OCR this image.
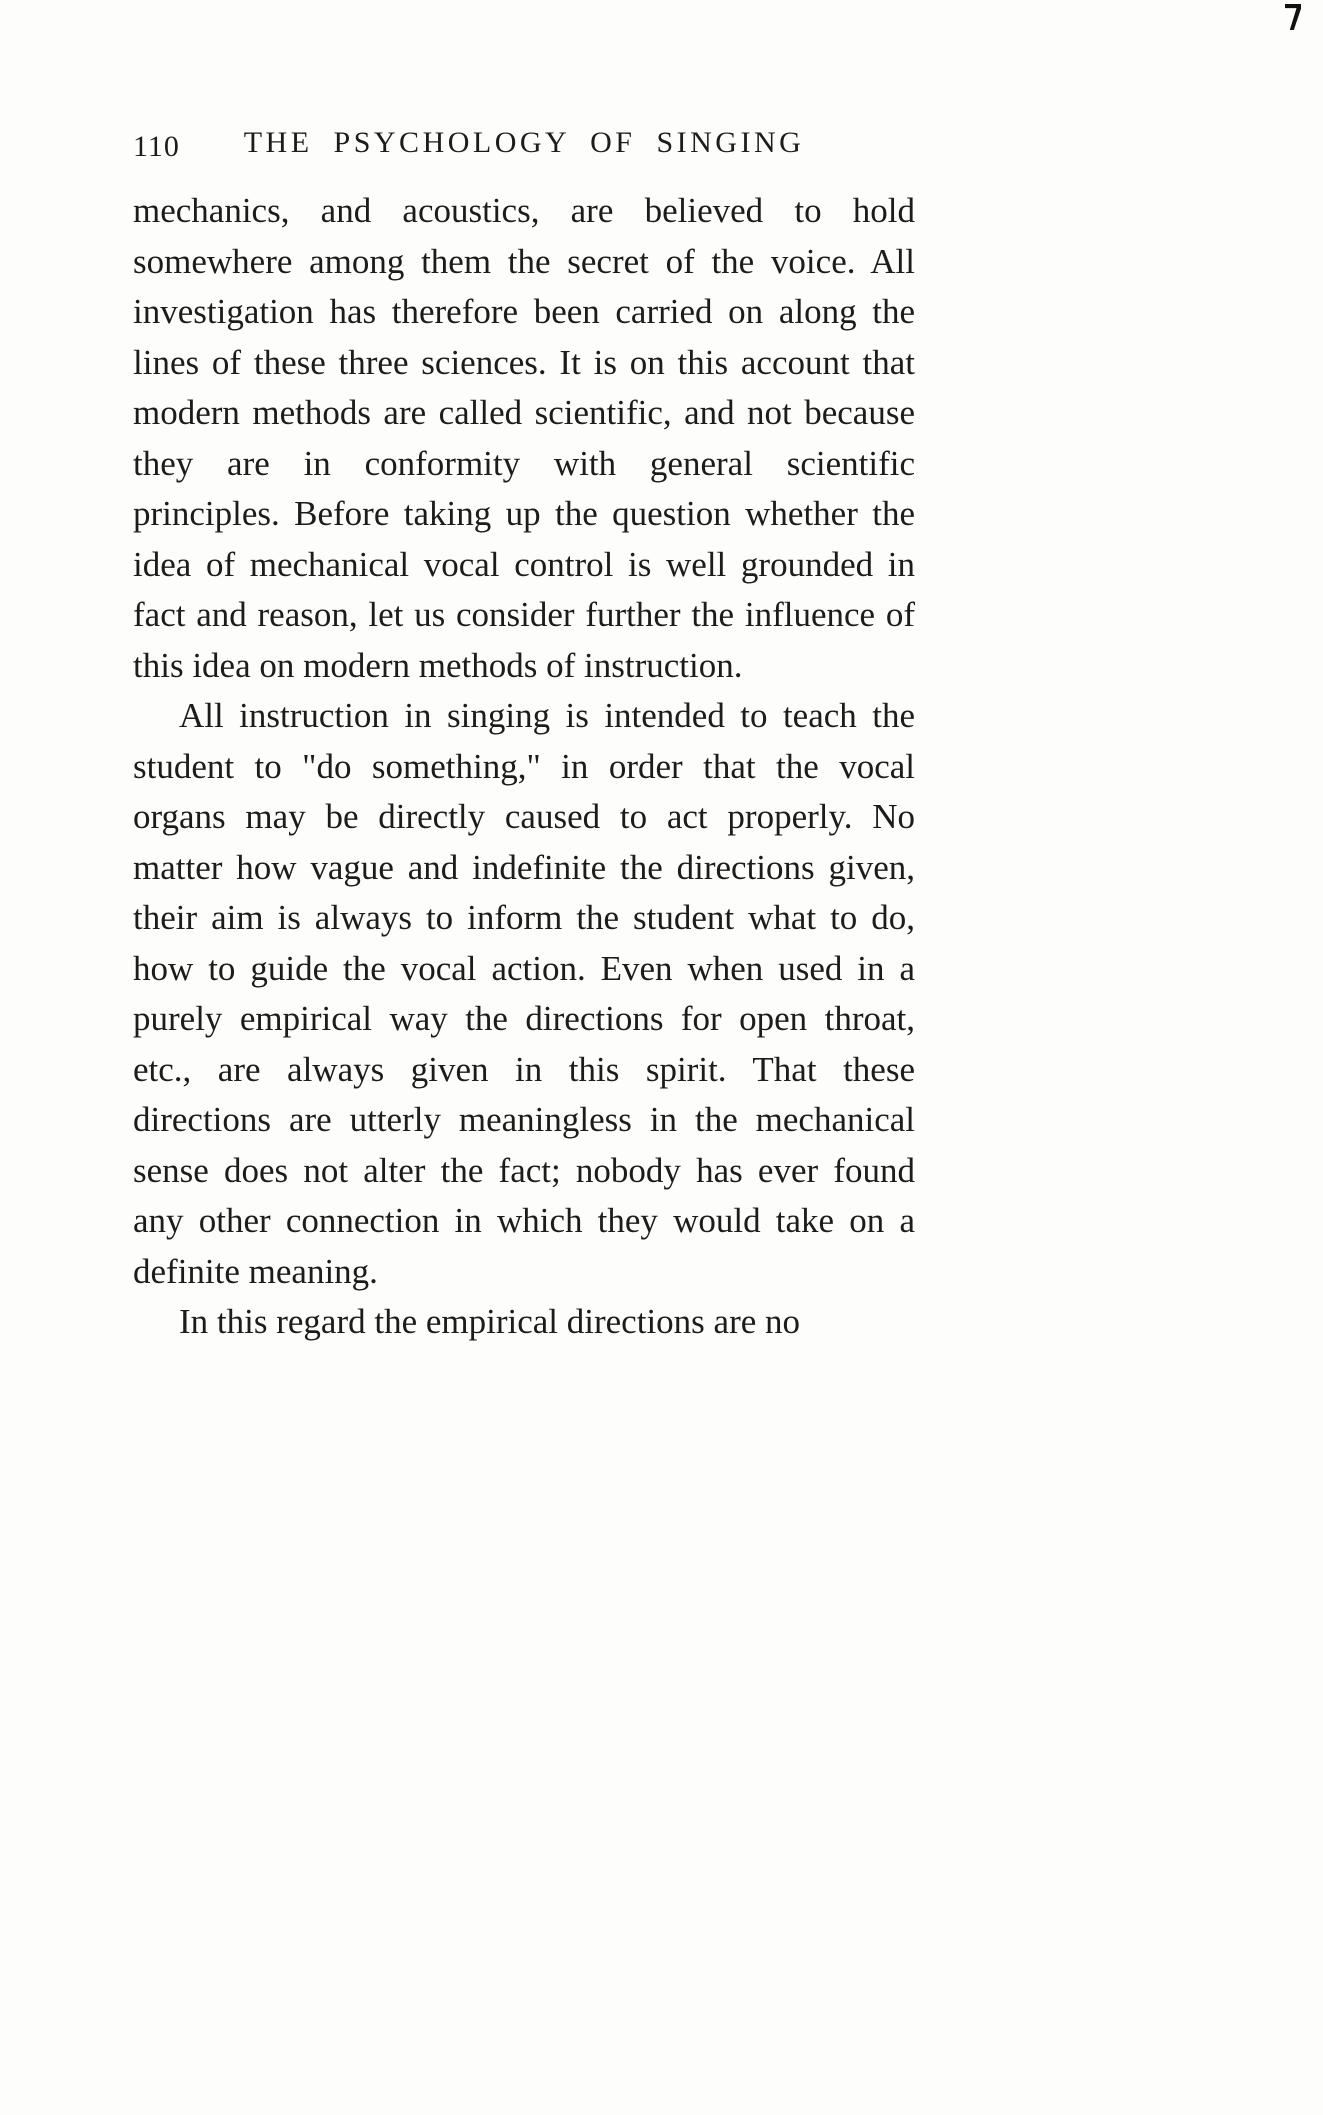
110	THE PSYCHOLOGY OF SINGING

mechanics, and acoustics, are believed to hold somewhere among them the secret of the voice. All investigation has therefore been carried on along the lines of these three sciences. It is on this account that modern methods are called scientific, and not because they are in conformity with general scientific principles. Before taking up the question whether the idea of mechanical vocal control is well grounded in fact and reason, let us consider further the influence of this idea on modern methods of instruction.

All instruction in singing is intended to teach the student to "do something," in order that the vocal organs may be directly caused to act properly. No matter how vague and indefinite the directions given, their aim is always to inform the student what to do, how to guide the vocal action. Even when used in a purely empirical way the directions for open throat, etc., are always given in this spirit. That these directions are utterly meaningless in the mechanical sense does not alter the fact; nobody has ever found any other connection in which they would take on a definite meaning.

In this regard the empirical directions are no
